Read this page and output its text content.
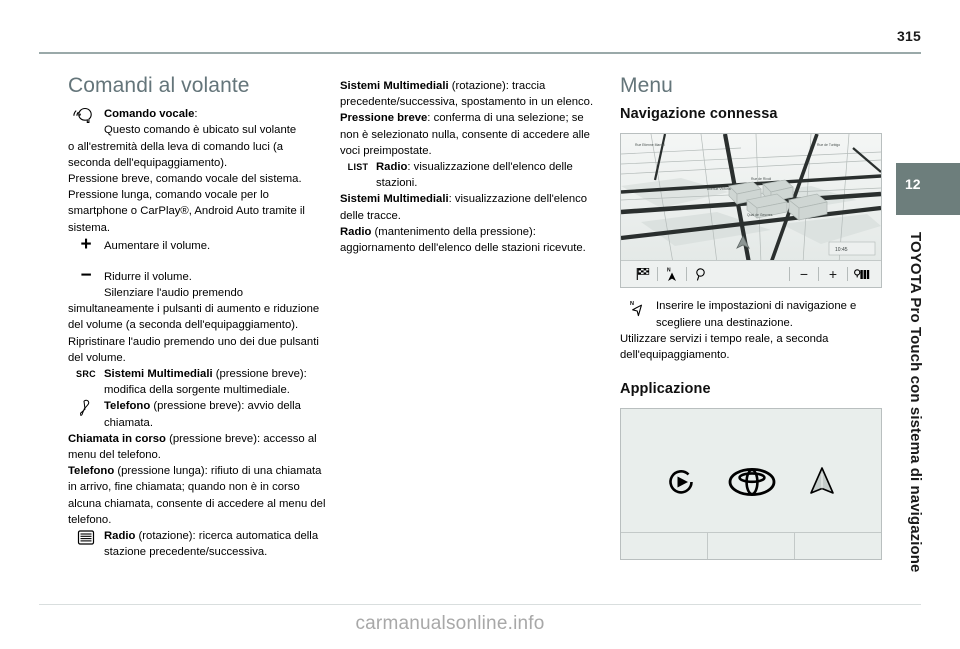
315
12
TOYOTA Pro Touch con sistema di navigazione
Comandi al volante
Comando vocale:
Questo comando è ubicato sul volante

o all'estremità della leva di comando luci (a seconda dell'equipaggiamento).

Pressione breve, comando vocale del sistema.

Pressione lunga, comando vocale per lo smartphone o CarPlay®, Android Auto tramite il sistema.

+ Aumentare il volume.
− Ridurre il volume.
Silenziare l'audio premendo

simultaneamente i pulsanti di aumento e riduzione del volume (a seconda dell'equipaggiamento).

Ripristinare l'audio premendo uno dei due pulsanti del volume.

SRC Sistemi Multimediali (pressione breve): modifica della sorgente multimediale.
Telefono (pressione breve): avvio della chiamata.

Chiamata in corso (pressione breve): accesso al menu del telefono.

Telefono (pressione lunga): rifiuto di una chiamata in arrivo, fine chiamata; quando non è in corso alcuna chiamata, consente di accedere al menu del telefono.

Radio (rotazione): ricerca automatica della stazione precedente/successiva.

Sistemi Multimediali (rotazione): traccia precedente/successiva, spostamento in un elenco.

Pressione breve: conferma di una selezione; se non è selezionato nulla, consente di accedere alle voci preimpostate.

LIST Radio: visualizzazione dell'elenco delle stazioni.

Sistemi Multimediali: visualizzazione dell'elenco delle tracce.

Radio (mantenimento della pressione): aggiornamento dell'elenco delle stazioni ricevute.

Menu
Navigazione connessa
Rue Etienne Marcel	Rue de Turbigo
Rue de Rivoli
Avenue Victoria
Quai de Gesvres
10:45
N	−	+
N Inserire le impostazioni di navigazione e scegliere una destinazione.

Utilizzare servizi i tempo reale, a seconda dell'equipaggiamento.

Applicazione
carmanualsonline.info
